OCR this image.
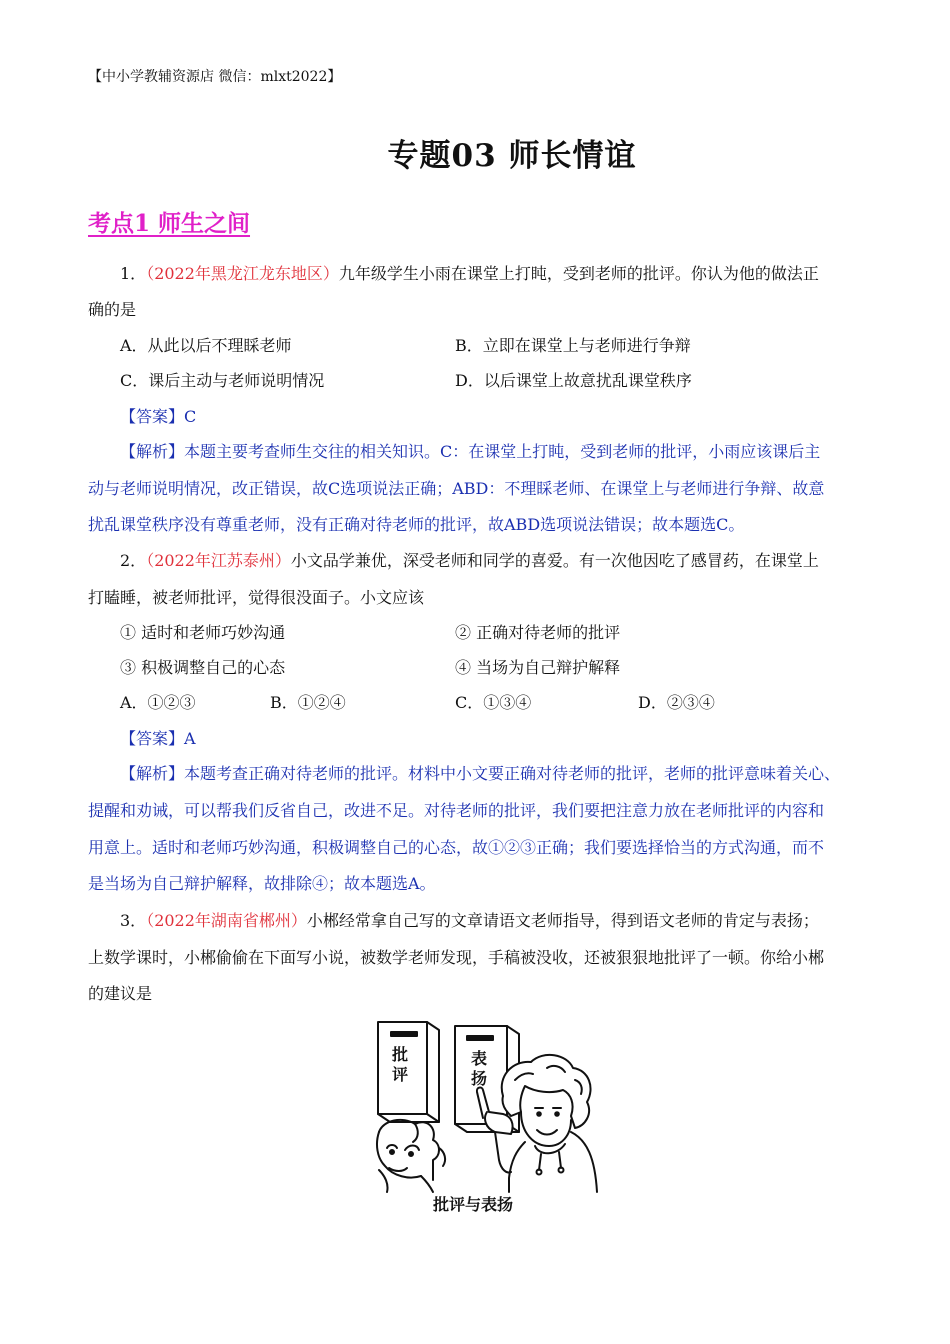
【中小学教辅资源店 微信：mlxt2022】
专题03 师长情谊
考点1 师生之间
1．（2022年黑龙江龙东地区）九年级学生小雨在课堂上打盹，受到老师的批评。你认为他的做法正
确的是
A．从此以后不理睬老师	B．立即在课堂上与老师进行争辩
C．课后主动与老师说明情况	D．以后课堂上故意扰乱课堂秩序
【答案】C
【解析】本题主要考查师生交往的相关知识。C：在课堂上打盹，受到老师的批评，小雨应该课后主
动与老师说明情况，改正错误，故C选项说法正确；ABD：不理睬老师、在课堂上与老师进行争辩、故意
扰乱课堂秩序没有尊重老师，没有正确对待老师的批评，故ABD选项说法错误；故本题选C。
2．（2022年江苏泰州）小文品学兼优，深受老师和同学的喜爱。有一次他因吃了感冒药，在课堂上
打瞌睡，被老师批评，觉得很没面子。小文应该
① 适时和老师巧妙沟通	② 正确对待老师的批评
③ 积极调整自己的心态	④ 当场为自己辩护解释
A．①②③	B．①②④	C．①③④	D．②③④
【答案】A
【解析】本题考查正确对待老师的批评。材料中小文要正确对待老师的批评，老师的批评意味着关心、
提醒和劝诫，可以帮我们反省自己，改进不足。对待老师的批评，我们要把注意力放在老师批评的内容和
用意上。适时和老师巧妙沟通，积极调整自己的心态，故①②③正确；我们要选择恰当的方式沟通，而不
是当场为自己辩护解释，故排除④；故本题选A。
3．（2022年湖南省郴州）小郴经常拿自己写的文章请语文老师指导，得到语文老师的肯定与表扬；
上数学课时，小郴偷偷在下面写小说，被数学老师发现，手稿被没收，还被狠狠地批评了一顿。你给小郴
的建议是
批
评
表
扬
批评与表扬
